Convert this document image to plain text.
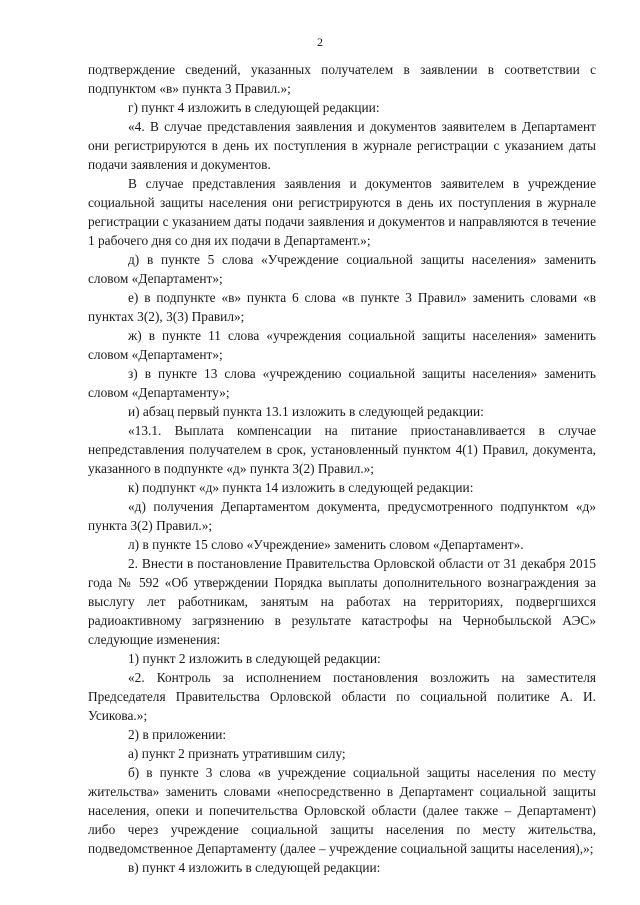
2

подтверждение сведений, указанных получателем в заявлении в соответствии с подпунктом «в» пункта 3 Правил.»;

г) пункт 4 изложить в следующей редакции:

«4. В случае представления заявления и документов заявителем в Департамент они регистрируются в день их поступления в журнале регистрации с указанием даты подачи заявления и документов.

В случае представления заявления и документов заявителем в учреждение социальной защиты населения они регистрируются в день их поступления в журнале регистрации с указанием даты подачи заявления и документов и направляются в течение 1 рабочего дня со дня их подачи в Департамент.»;

д) в пункте 5 слова «Учреждение социальной защиты населения» заменить словом «Департамент»;

е) в подпункте «в» пункта 6 слова «в пункте 3 Правил» заменить словами «в пунктах 3(2), 3(3) Правил»;

ж) в пункте 11 слова «учреждения социальной защиты населения» заменить словом «Департамент»;

з) в пункте 13 слова «учреждению социальной защиты населения» заменить словом «Департаменту»;

и) абзац первый пункта 13.1 изложить в следующей редакции:

«13.1. Выплата компенсации на питание приостанавливается в случае непредставления получателем в срок, установленный пунктом 4(1) Правил, документа, указанного в подпункте «д» пункта 3(2) Правил.»;

к) подпункт «д» пункта 14 изложить в следующей редакции:

«д) получения Департаментом документа, предусмотренного подпунктом «д» пункта 3(2) Правил.»;

л) в пункте 15 слово «Учреждение» заменить словом «Департамент».

2. Внести в постановление Правительства Орловской области от 31 декабря 2015 года № 592 «Об утверждении Порядка выплаты дополнительного вознаграждения за выслугу лет работникам, занятым на работах на территориях, подвергшихся радиоактивному загрязнению в результате катастрофы на Чернобыльской АЭС» следующие изменения:

1) пункт 2 изложить в следующей редакции:

«2. Контроль за исполнением постановления возложить на заместителя Председателя Правительства Орловской области по социальной политике А. И. Усикова.»;

2) в приложении:

а) пункт 2 признать утратившим силу;

б) в пункте 3 слова «в учреждение социальной защиты населения по месту жительства» заменить словами «непосредственно в Департамент социальной защиты населения, опеки и попечительства Орловской области (далее также – Департамент) либо через учреждение социальной защиты населения по месту жительства, подведомственное Департаменту (далее – учреждение социальной защиты населения),»;

в) пункт 4 изложить в следующей редакции:
